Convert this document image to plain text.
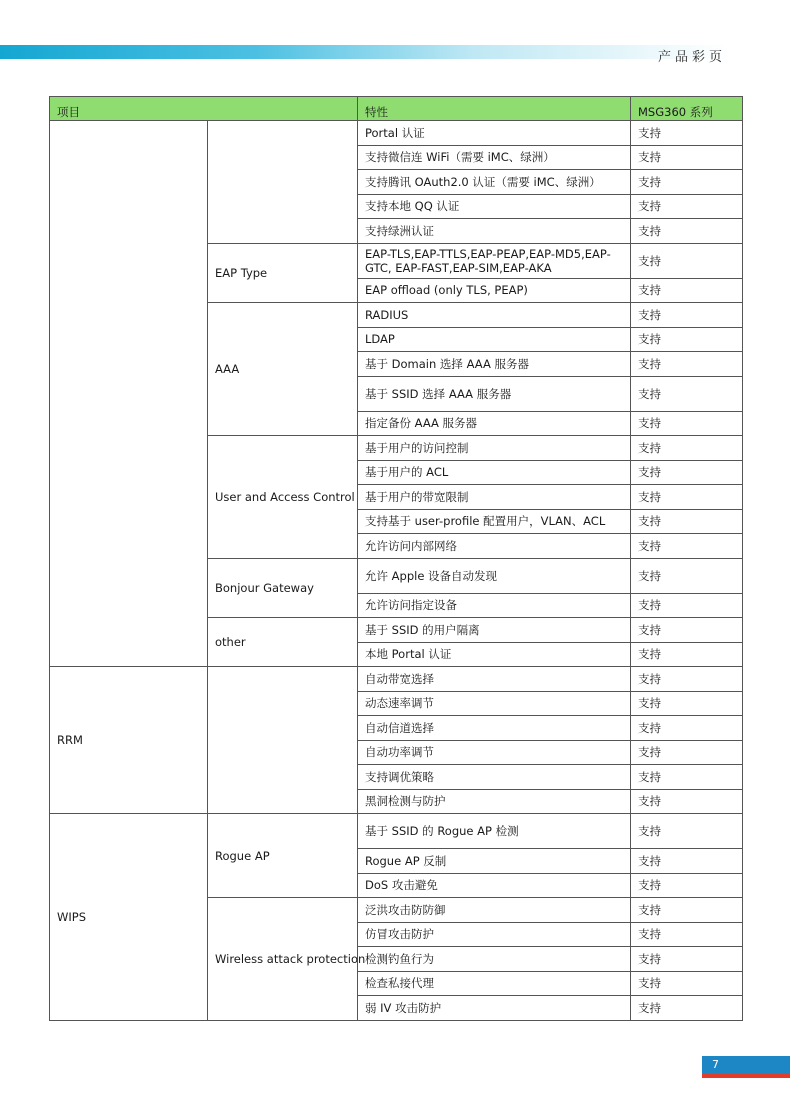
产品彩页
项目		特性	MSG360 系列
		Portal 认证	支持
		支持微信连 WiFi（需要 iMC、绿洲）	支持
		支持腾讯 OAuth2.0 认证（需要 iMC、绿洲）	支持
		支持本地 QQ 认证	支持
		支持绿洲认证	支持
	EAP Type	EAP-TLS,EAP-TTLS,EAP-PEAP,EAP-MD5,EAP-GTC, EAP-FAST,EAP-SIM,EAP-AKA	支持
		EAP offload (only TLS, PEAP)	支持
	AAA	RADIUS	支持
		LDAP	支持
		基于 Domain 选择 AAA 服务器	支持
		基于 SSID 选择 AAA 服务器	支持
		指定备份 AAA 服务器	支持
	User and Access Control	基于用户的访问控制	支持
		基于用户的 ACL	支持
		基于用户的带宽限制	支持
		支持基于 user-profile 配置用户，VLAN、ACL	支持
		允许访问内部网络	支持
	Bonjour Gateway	允许 Apple 设备自动发现	支持
		允许访问指定设备	支持
	other	基于 SSID 的用户隔离	支持
		本地 Portal 认证	支持
RRM		自动带宽选择	支持
		动态速率调节	支持
		自动信道选择	支持
		自动功率调节	支持
		支持调优策略	支持
		黑洞检测与防护	支持
WIPS	Rogue AP	基于 SSID 的 Rogue AP 检测	支持
		Rogue AP 反制	支持
		DoS 攻击避免	支持
	Wireless attack protection	泛洪攻击防防御	支持
		仿冒攻击防护	支持
		检测钓鱼行为	支持
		检查私接代理	支持
		弱 IV 攻击防护	支持
7
